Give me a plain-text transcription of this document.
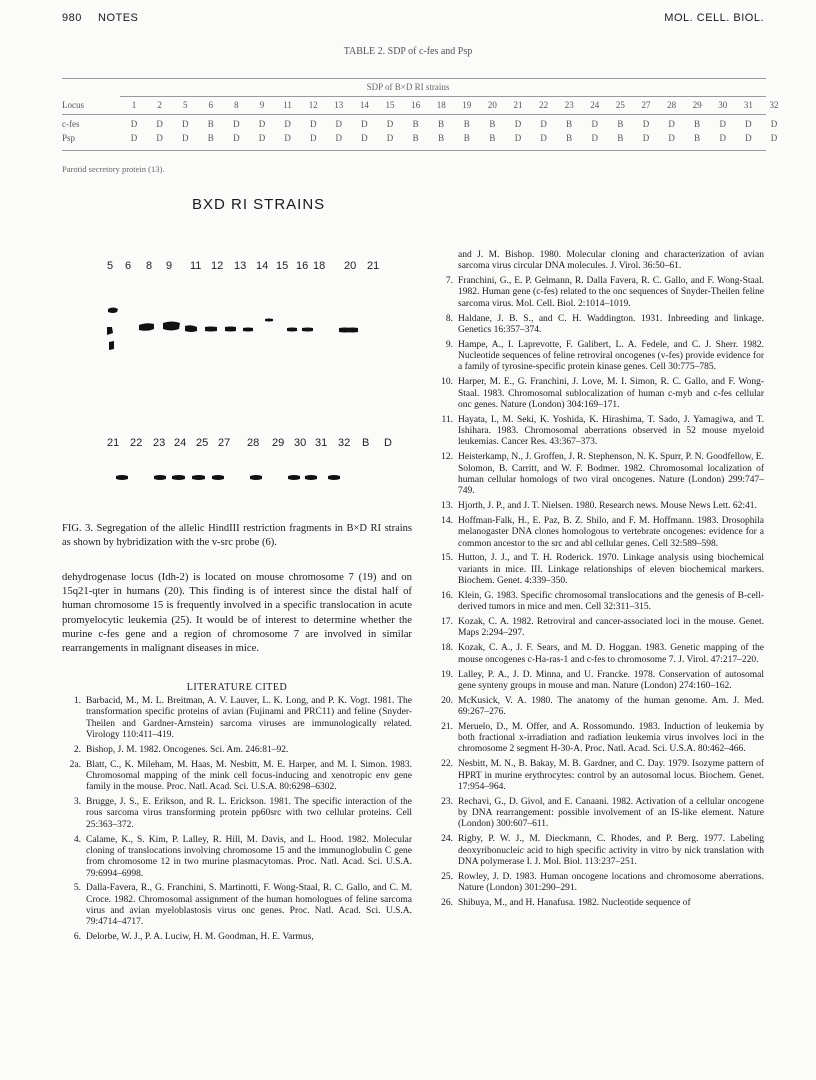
980 NOTES	MOL. CELL. BIOL.
TABLE 2. SDP of c-fes and Psp
SDP of B×D RI strains
Locus	1	2	5	6	8	9	11	12	13	14	15	16	18	19	20	21	22	23	24	25	27	28	29	30	31	32
c-fes	D	D	D	B	D	D	D	D	D	D	D	B	B	B	B	D	D	B	D	B	D	D	B	D	D	D
Psp	D	D	D	B	D	D	D	D	D	D	D	B	B	B	B	D	D	B	D	B	D	D	B	D	D	D
Parotid secretory protein (13).
BXD RI STRAINS
5 6 8 9 11 12 13 14 15 16 18 20 21
21 22 23 24 25 27 28 29 30 31 32 B D
FIG. 3. Segregation of the allelic HindIII restriction fragments in B×D RI strains as shown by hybridization with the v-src probe (6).
dehydrogenase locus (Idh-2) is located on mouse chromosome 7 (19) and on 15q21-qter in humans (20). This finding is of interest since the distal half of human chromosome 15 is frequently involved in a specific translocation in acute promyelocytic leukemia (25). It would be of interest to determine whether the murine c-fes gene and a region of chromosome 7 are involved in similar rearrangements in malignant diseases in mice.
LITERATURE CITED
1. Barbacid, M., M. L. Breitman, A. V. Lauver, L. K. Long, and P. K. Vogt. 1981. The transformation specific proteins of avian (Fujinami and PRC11) and feline (Snyder-Theilen and Gardner-Arnstein) sarcoma viruses are immunologically related. Virology 110:411–419.
2. Bishop, J. M. 1982. Oncogenes. Sci. Am. 246:81–92.
2a. Blatt, C., K. Mileham, M. Haas, M. Nesbitt, M. E. Harper, and M. I. Simon. 1983. Chromosomal mapping of the mink cell focus-inducing and xenotropic env gene family in the mouse. Proc. Natl. Acad. Sci. U.S.A. 80:6298–6302.
3. Brugge, J. S., E. Erikson, and R. L. Erickson. 1981. The specific interaction of the rous sarcoma virus transforming protein pp60src with two cellular proteins. Cell 25:363–372.
4. Calame, K., S. Kim, P. Lalley, R. Hill, M. Davis, and L. Hood. 1982. Molecular cloning of translocations involving chromosome 15 and the immunoglobulin C gene from chromosome 12 in two murine plasmacytomas. Proc. Natl. Acad. Sci. U.S.A. 79:6994–6998.
5. Dalla-Favera, R., G. Franchini, S. Martinotti, F. Wong-Staal, R. C. Gallo, and C. M. Croce. 1982. Chromosomal assignment of the human homologues of feline sarcoma virus and avian myeloblastosis virus onc genes. Proc. Natl. Acad. Sci. U.S.A. 79:4714–4717.
6. Delorbe, W. J., P. A. Luciw, H. M. Goodman, H. E. Varmus,
and J. M. Bishop. 1980. Molecular cloning and characterization of avian sarcoma virus circular DNA molecules. J. Virol. 36:50–61.
7. Franchini, G., E. P. Gelmann, R. Dalla Favera, R. C. Gallo, and F. Wong-Staal. 1982. Human gene (c-fes) related to the onc sequences of Snyder-Theilen feline sarcoma virus. Mol. Cell. Biol. 2:1014–1019.
8. Haldane, J. B. S., and C. H. Waddington. 1931. Inbreeding and linkage. Genetics 16:357–374.
9. Hampe, A., I. Laprevotte, F. Galibert, L. A. Fedele, and C. J. Sherr. 1982. Nucleotide sequences of feline retroviral oncogenes (v-fes) provide evidence for a family of tyrosine-specific protein kinase genes. Cell 30:775–785.
10. Harper, M. E., G. Franchini, J. Love, M. I. Simon, R. C. Gallo, and F. Wong-Staal. 1983. Chromosomal sublocalization of human c-myb and c-fes cellular onc genes. Nature (London) 304:169–171.
11. Hayata, I., M. Seki, K. Yoshida, K. Hirashima, T. Sado, J. Yamagiwa, and T. Ishihara. 1983. Chromosomal aberrations observed in 52 mouse myeloid leukemias. Cancer Res. 43:367–373.
12. Heisterkamp, N., J. Groffen, J. R. Stephenson, N. K. Spurr, P. N. Goodfellow, E. Solomon, B. Carritt, and W. F. Bodmer. 1982. Chromosomal localization of human cellular homologs of two viral oncogenes. Nature (London) 299:747–749.
13. Hjorth, J. P., and J. T. Nielsen. 1980. Research news. Mouse News Lett. 62:41.
14. Hoffman-Falk, H., E. Paz, B. Z. Shilo, and F. M. Hoffmann. 1983. Drosophila melanogaster DNA clones homologous to vertebrate oncogenes: evidence for a common ancestor to the src and abl cellular genes. Cell 32:589–598.
15. Hutton, J. J., and T. H. Roderick. 1970. Linkage analysis using biochemical variants in mice. III. Linkage relationships of eleven biochemical markers. Biochem. Genet. 4:339–350.
16. Klein, G. 1983. Specific chromosomal translocations and the genesis of B-cell-derived tumors in mice and men. Cell 32:311–315.
17. Kozak, C. A. 1982. Retroviral and cancer-associated loci in the mouse. Genet. Maps 2:294–297.
18. Kozak, C. A., J. F. Sears, and M. D. Hoggan. 1983. Genetic mapping of the mouse oncogenes c-Ha-ras-1 and c-fes to chromosome 7. J. Virol. 47:217–220.
19. Lalley, P. A., J. D. Minna, and U. Francke. 1978. Conservation of autosomal gene synteny groups in mouse and man. Nature (London) 274:160–162.
20. McKusick, V. A. 1980. The anatomy of the human genome. Am. J. Med. 69:267–276.
21. Meruelo, D., M. Offer, and A. Rossomundo. 1983. Induction of leukemia by both fractional x-irradiation and radiation leukemia virus involves loci in the chromosome 2 segment H-30-A. Proc. Natl. Acad. Sci. U.S.A. 80:462–466.
22. Nesbitt, M. N., B. Bakay, M. B. Gardner, and C. Day. 1979. Isozyme pattern of HPRT in murine erythrocytes: control by an autosomal locus. Biochem. Genet. 17:954–964.
23. Rechavi, G., D. Givol, and E. Canaani. 1982. Activation of a cellular oncogene by DNA rearrangement: possible involvement of an IS-like element. Nature (London) 300:607–611.
24. Rigby, P. W. J., M. Dieckmann, C. Rhodes, and P. Berg. 1977. Labeling deoxyribonucleic acid to high specific activity in vitro by nick translation with DNA polymerase I. J. Mol. Biol. 113:237–251.
25. Rowley, J. D. 1983. Human oncogene locations and chromosome aberrations. Nature (London) 301:290–291.
26. Shibuya, M., and H. Hanafusa. 1982. Nucleotide sequence of
